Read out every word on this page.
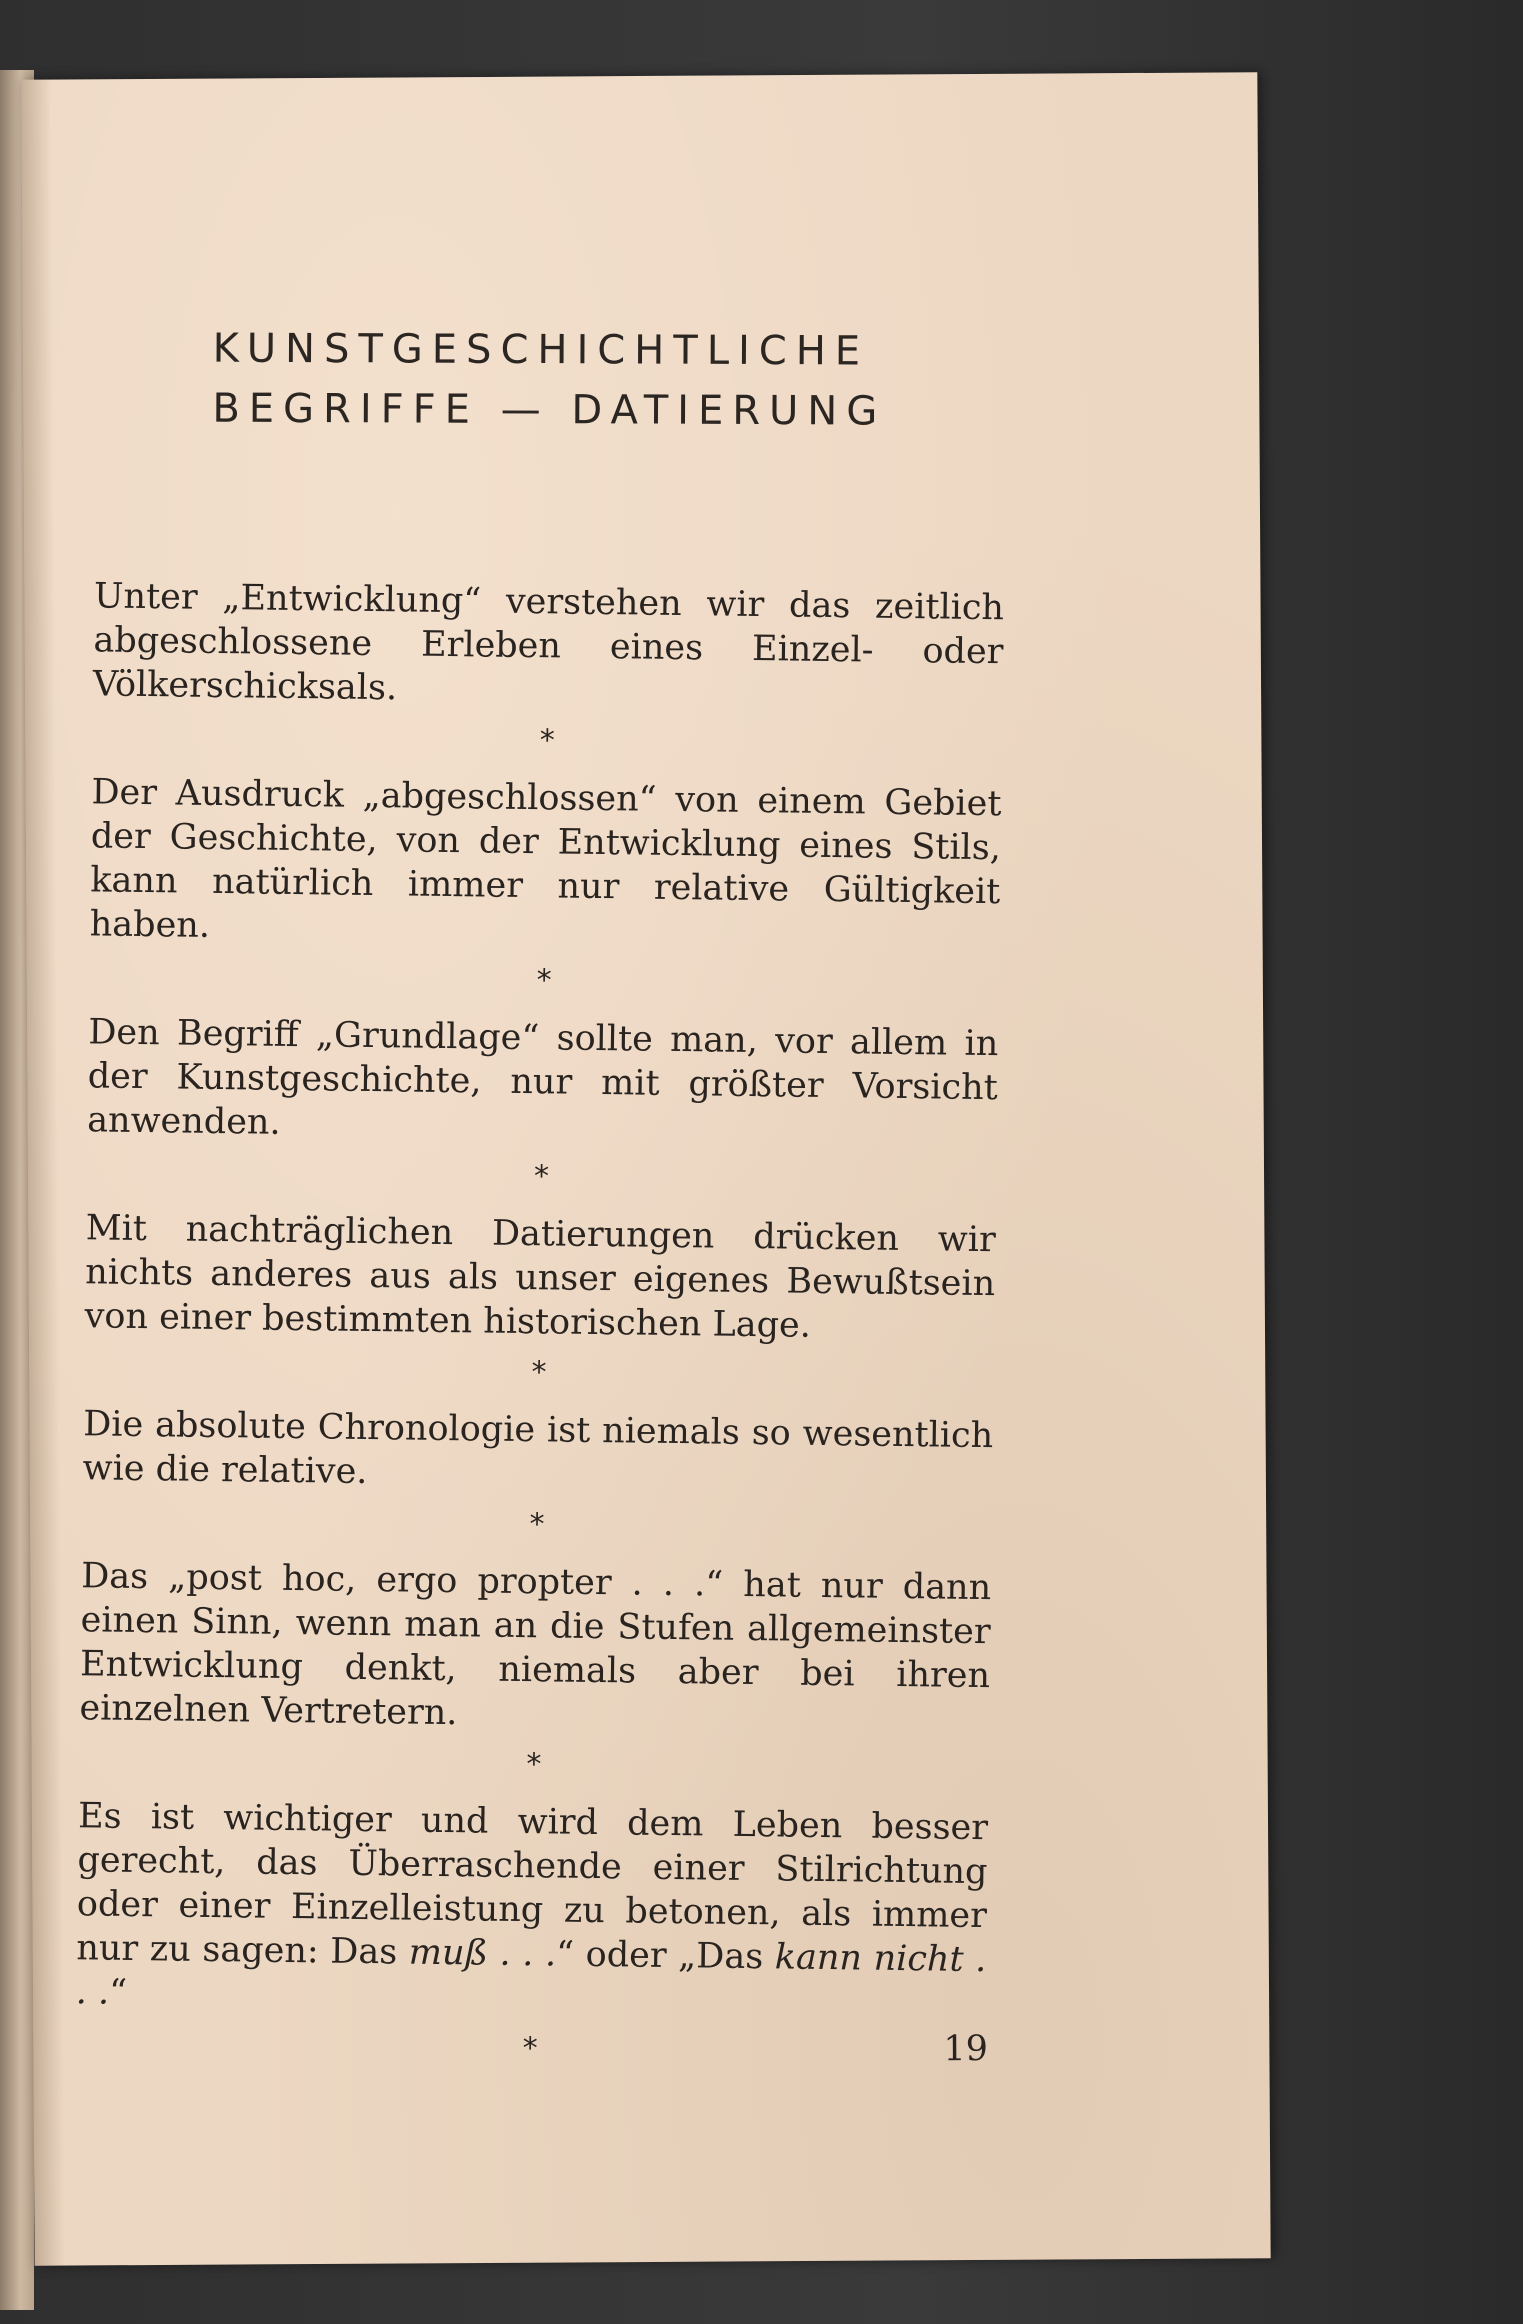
KUNSTGESCHICHTLICHE
BEGRIFFE — DATIERUNG

Unter „Entwicklung“ verstehen wir das zeitlich abgeschlossene Erleben eines Einzel- oder Völkerschicksals.

*

Der Ausdruck „abgeschlossen“ von einem Gebiet der Geschichte, von der Entwicklung eines Stils, kann natürlich immer nur relative Gültigkeit haben.

*

Den Begriff „Grundlage“ sollte man, vor allem in der Kunstgeschichte, nur mit größter Vorsicht anwenden.

*

Mit nachträglichen Datierungen drücken wir nichts anderes aus als unser eigenes Bewußtsein von einer bestimmten historischen Lage.

*

Die absolute Chronologie ist niemals so wesentlich wie die relative.

*

Das „post hoc, ergo propter . . .“ hat nur dann einen Sinn, wenn man an die Stufen allgemeinster Entwicklung denkt, niemals aber bei ihren einzelnen Vertretern.

*

Es ist wichtiger und wird dem Leben besser gerecht, das Überraschende einer Stilrichtung oder einer Einzelleistung zu betonen, als immer nur zu sagen: Das muß . . .“ oder „Das kann nicht . . .“

*	19
